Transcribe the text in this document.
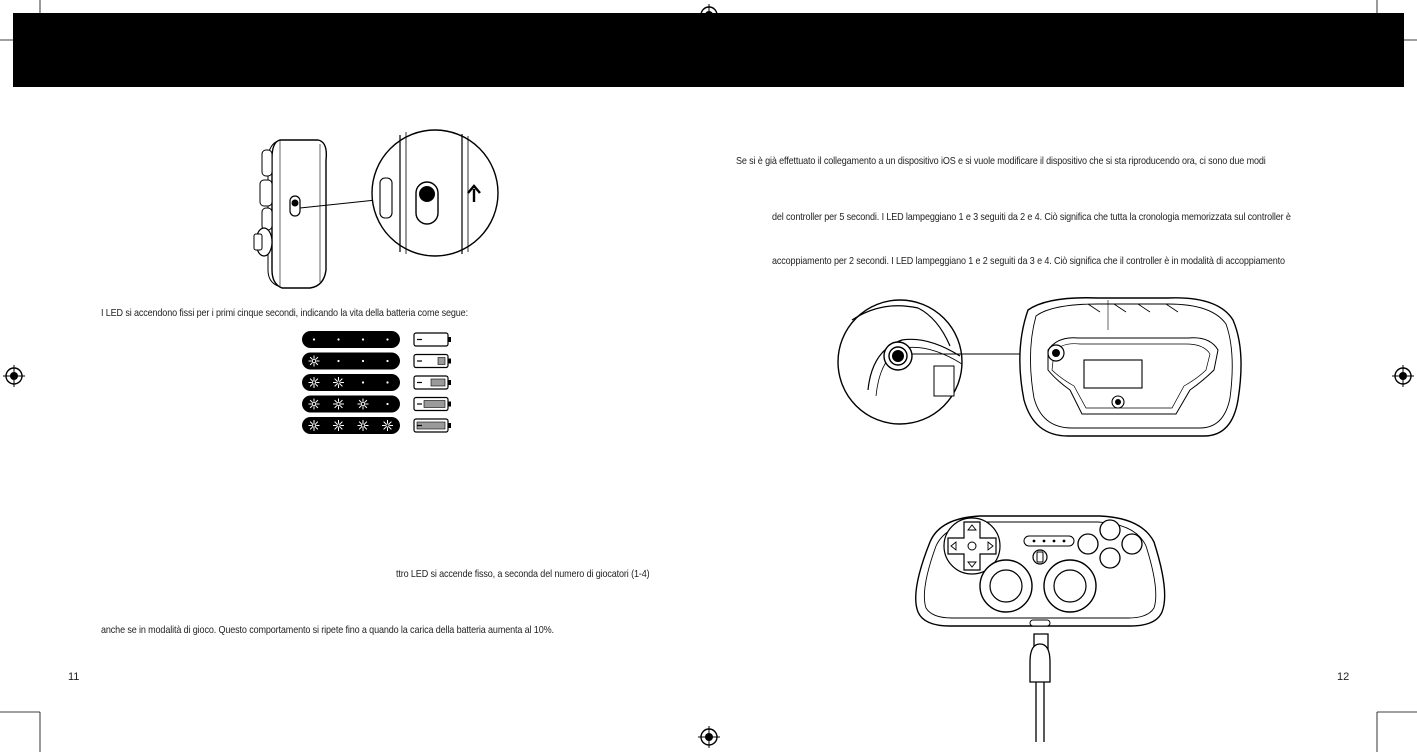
I LED si accendono fissi per i primi cinque secondi, indicando la vita della batteria come segue:
ttro LED si accende fisso, a seconda del numero di giocatori (1-4)
anche se in modalità di gioco. Questo comportamento si ripete fino a quando la carica della batteria aumenta al 10%.
11
Se si è già effettuato il collegamento a un dispositivo iOS e si vuole modificare il dispositivo che si sta riproducendo ora, ci sono due modi
del controller per 5 secondi. I LED lampeggiano 1 e 3 seguiti da 2 e 4. Ciò significa che tutta la cronologia memorizzata sul controller è
accoppiamento per 2 secondi. I LED lampeggiano 1 e 2 seguiti da 3 e 4. Ciò significa che il controller è in modalità di accoppiamento
12
